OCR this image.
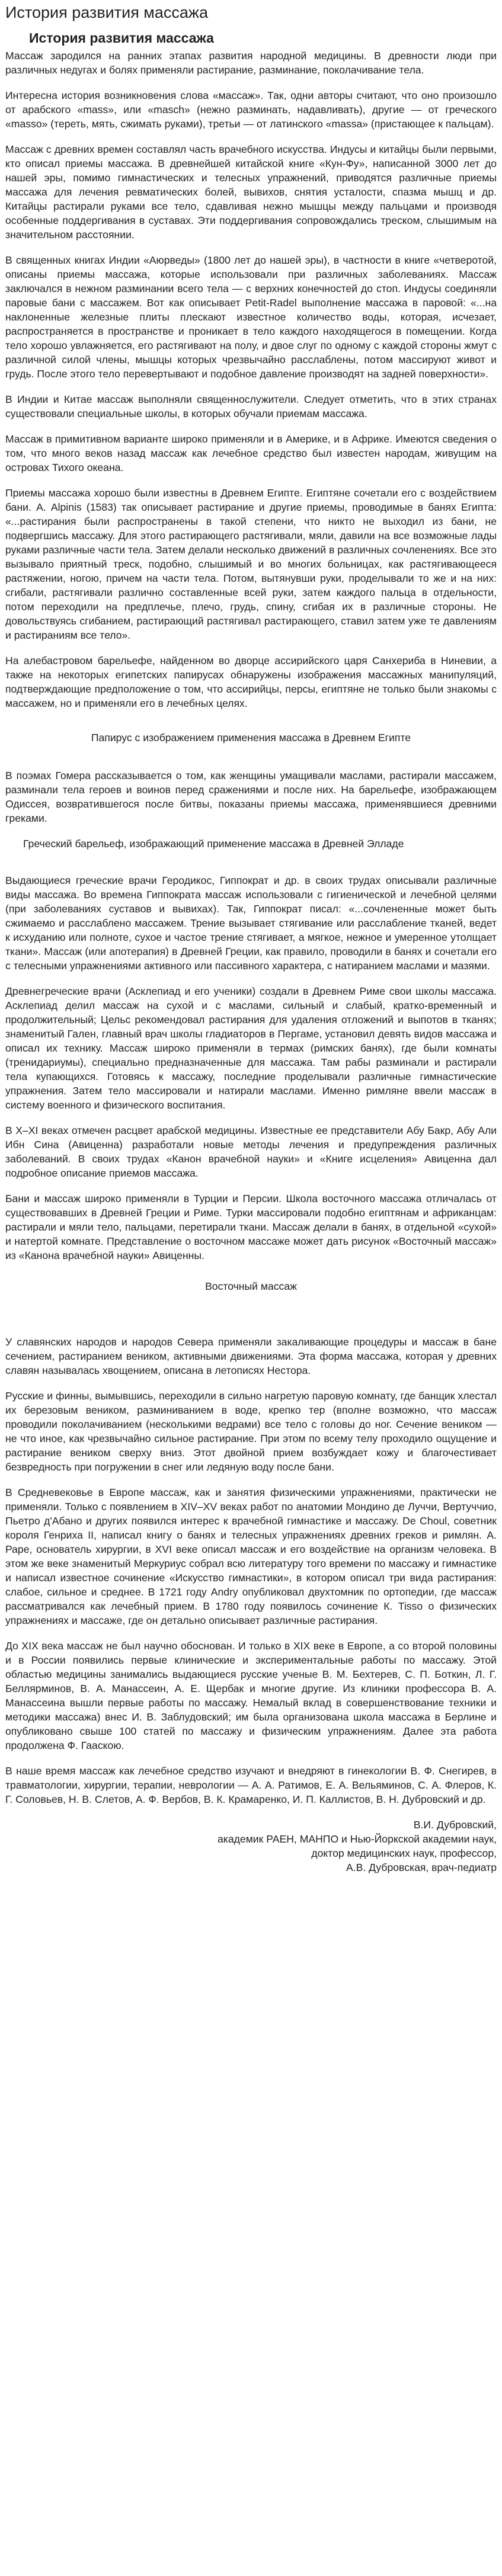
История развития массажа
История развития массажа

Массаж зародился на ранних этапах развития народной медицины. В древности люди при различных недугах и болях применяли растирание, разминание, поколачивание тела.

Интересна история возникновения слова «массаж». Так, одни авторы считают, что оно произошло от арабского «mass», или «masch» (нежно разминать, надавливать), другие — от греческого «masso» (тереть, мять, сжимать руками), третьи — от латинского «massa» (пристающее к пальцам).

Массаж с древних времен составлял часть врачебного искусства. Индусы и китайцы были первыми, кто описал приемы массажа. В древнейшей китайской книге «Кун-Фу», написанной 3000 лет до нашей эры, помимо гимнастических и телесных упражнений, приводятся различные приемы массажа для лечения ревматических болей, вывихов, снятия усталости, спазма мышц и др. Китайцы растирали руками все тело, сдавливая нежно мышцы между пальцами и производя особенные поддергивания в суставах. Эти поддергивания сопровождались треском, слышимым на значительном расстоянии.

В священных книгах Индии «Аюрведы» (1800 лет до нашей эры), в частности в книге «четверотой, описаны приемы массажа, которые использовали при различных заболеваниях. Массаж заключался в нежном разминании всего тела — с верхних конечностей до стоп. Индусы соединяли паровые бани с массажем. Вот как описывает Petit-Radel выполнение массажа в паровой: «...на наклоненные железные плиты плескают известное количество воды, которая, исчезает, распространяется в пространстве и проникает в тело каждого находящегося в помещении. Когда тело хорошо увлажняется, его растягивают на полу, и двое слуг по одному с каждой стороны жмут с различной силой члены, мышцы которых чрезвычайно расслаблены, потом массируют живот и грудь. После этого тело перевертывают и подобное давление производят на задней поверхности».

В Индии и Китае массаж выполняли священнослужители. Следует отметить, что в этих странах существовали специальные школы, в которых обучали приемам массажа.

Массаж в примитивном варианте широко применяли и в Америке, и в Африке. Имеются сведения о том, что много веков назад массаж как лечебное средство был известен народам, живущим на островах Тихого океана.

Приемы массажа хорошо были известны в Древнем Египте. Египтяне сочетали его с воздействием бани. А. Alpinis (1583) так описывает растирание и другие приемы, проводимые в банях Египта: «...растирания были распространены в такой степени, что никто не выходил из бани, не подвергшись массажу. Для этого растирающего растягивали, мяли, давили на все возможные лады руками различные части тела. Затем делали несколько движений в различных сочленениях. Все это вызывало приятный треск, подобно, слышимый и во многих больницах, как растягивающееся растяжении, ногою, причем на части тела. Потом, вытянувши руки, проделывали то же и на них: сгибали, растягивали различно составленные всей руки, затем каждого пальца в отдельности, потом переходили на предплечье, плечо, грудь, спину, сгибая их в различные стороны. Не довольствуясь сгибанием, растирающий растягивал растирающего, ставил затем уже те давлениям и растираниям все тело».

На алебастровом барельефе, найденном во дворце ассирийского царя Санхериба в Ниневии, а также на некоторых египетских папирусах обнаружены изображения массажных манипуляций, подтверждающие предположение о том, что ассирийцы, персы, египтяне не только были знакомы с массажем, но и применяли его в лечебных целях.

Папирус с изображением применения массажа в Древнем Египте

В поэмах Гомера рассказывается о том, как женщины умащивали маслами, растирали массажем, разминали тела героев и воинов перед сражениями и после них. На барельефе, изображающем Одиссея, возвратившегося после битвы, показаны приемы массажа, применявшиеся древними греками.

Греческий барельеф, изображающий применение массажа в Древней Элладе

Выдающиеся греческие врачи Геродикос, Гиппократ и др. в своих трудах описывали различные виды массажа. Во времена Гиппократа массаж использовали с гигиенической и лечебной целями (при заболеваниях суставов и вывихах). Так, Гиппократ писал: «...сочлененные может быть сжимаемо и расслаблено массажем. Трение вызывает стягивание или расслабление тканей, ведет к исхуданию или полноте, сухое и частое трение стягивает, а мягкое, нежное и умеренное утолщает ткани». Массаж (или апотерапия) в Древней Греции, как правило, проводили в банях и сочетали его с телесными упражнениями активного или пассивного характера, с натиранием маслами и мазями.

Древнегреческие врачи (Асклепиад и его ученики) создали в Древнем Риме свои школы массажа. Асклепиад делил массаж на сухой и с маслами, сильный и слабый, кратко-временный и продолжительный; Цельс рекомендовал растирания для удаления отложений и выпотов в тканях; знаменитый Гален, главный врач школы гладиаторов в Пергаме, установил девять видов массажа и описал их технику. Массаж широко применяли в термах (римских банях), где были комнаты (тренидариумы), специально предназначенные для массажа. Там рабы разминали и растирали тела купающихся. Готовясь к массажу, последние проделывали различные гимнастические упражнения. Затем тело массировали и натирали маслами. Именно римляне ввели массаж в систему военного и физического воспитания.

В X–XI веках отмечен расцвет арабской медицины. Известные ее представители Абу Бакр, Абу Али Ибн Сина (Авиценна) разработали новые методы лечения и предупреждения различных заболеваний. В своих трудах «Канон врачебной науки» и «Книге исцеления» Авиценна дал подробное описание приемов массажа.

Бани и массаж широко применяли в Турции и Персии. Школа восточного массажа отличалась от существовавших в Древней Греции и Риме. Турки массировали подобно египтянам и африканцам: растирали и мяли тело, пальцами, перетирали ткани. Массаж делали в банях, в отдельной «сухой» и натертой комнате. Представление о восточном массаже может дать рисунок «Восточный массаж» из «Канона врачебной науки» Авиценны.

Восточный массаж

У славянских народов и народов Севера применяли закаливающие процедуры и массаж в бане сечением, растиранием веником, активными движениями. Эта форма массажа, которая у древних славян называлась хвощением, описана в летописях Нестора.

Русские и финны, вымывшись, переходили в сильно нагретую паровую комнату, где банщик хлестал их березовым веником, разминиванием в воде, крепко тер (вполне возможно, что массаж проводили поколачиванием (несколькими ведрами) все тело с головы до ног. Сечение веником — не что иное, как чрезвычайно сильное растирание. При этом по всему телу проходило ощущение и растирание веником сверху вниз. Этот двойной прием возбуждает кожу и благочестивает безвредность при погружении в снег или ледяную воду после бани.

В Средневековье в Европе массаж, как и занятия физическими упражнениями, практически не применяли. Только с появлением в XIV–XV веках работ по анатомии Мондино де Луччи, Вертуччио, Пьетро д'Абано и других появился интерес к врачебной гимнастике и массажу. De Choul, советник короля Генриха II, написал книгу о банях и телесных упражнениях древних греков и римлян. А. Раре, основатель хирургии, в XVI веке описал массаж и его воздействие на организм человека. В этом же веке знаменитый Меркуриус собрал всю литературу того времени по массажу и гимнастике и написал известное сочинение «Искусство гимнастики», в котором описал три вида растирания: слабое, сильное и среднее. В 1721 году Andry опубликовал двухтомник по ортопедии, где массаж рассматривался как лечебный прием. В 1780 году появилось сочинение К. Tisso о физических упражнениях и массаже, где он детально описывает различные растирания.

До XIX века массаж не был научно обоснован. И только в XIX веке в Европе, а со второй половины и в России появились первые клинические и экспериментальные работы по массажу. Этой областью медицины занимались выдающиеся русские ученые В. М. Бехтерев, С. П. Боткин, Л. Г. Беллярминов, В. А. Манассеин, А. Е. Щербак и многие другие. Из клиники профессора В. А. Манассеина вышли первые работы по массажу. Немалый вклад в совершенствование техники и методики массажа) внес И. В. Заблудовский; им была организована школа массажа в Берлине и опубликовано свыше 100 статей по массажу и физическим упражнениям. Далее эта работа продолжена Ф. Гааскою.

В наше время массаж как лечебное средство изучают и внедряют в гинекологии В. Ф. Снегирев, в травматологии, хирургии, терапии, неврологии — А. А. Ратимов, Е. А. Вельяминов, С. А. Флеров, К. Г. Соловьев, Н. В. Слетов, А. Ф. Вербов, В. К. Крамаренко, И. П. Каллистов, В. Н. Дубровский и др.

В.И. Дубровский,
академик РАЕН, МАНПО и Нью-Йоркской академии наук,
доктор медицинских наук, профессор,
А.В. Дубровская, врач-педиатр
